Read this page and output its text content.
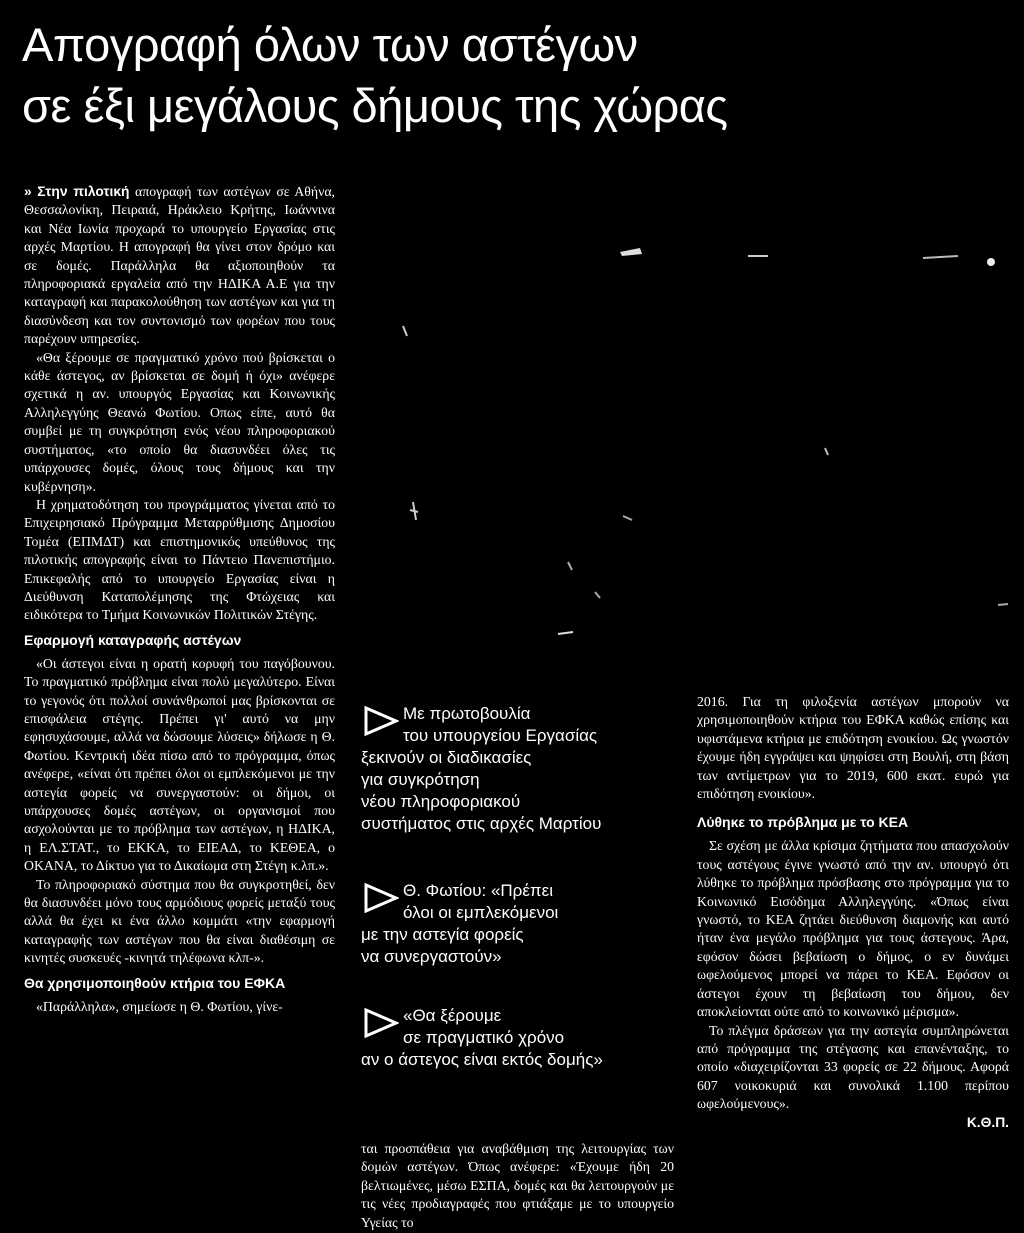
Απογραφή όλων των αστέγων
σε έξι μεγάλους δήμους της χώρας

» Στην πιλοτική απογραφή των αστέγων σε Αθήνα, Θεσσαλονίκη, Πειραιά, Ηράκλειο Κρήτης, Ιωάννινα και Νέα Ιωνία προχωρά το υπουργείο Εργασίας στις αρχές Μαρτίου. Η απογραφή θα γίνει στον δρόμο και σε δομές. Παράλληλα θα αξιοποιηθούν τα πληροφοριακά εργαλεία από την ΗΔΙΚΑ Α.Ε για την καταγραφή και παρακολούθηση των αστέγων και για τη διασύνδεση και τον συντονισμό των φορέων που τους παρέχουν υπηρεσίες.

«Θα ξέρουμε σε πραγματικό χρόνο πού βρίσκεται ο κάθε άστεγος, αν βρίσκεται σε δομή ή όχι» ανέφερε σχετικά η αν. υπουργός Εργασίας και Κοινωνικής Αλληλεγγύης Θεανώ Φωτίου. Οπως είπε, αυτό θα συμβεί με τη συγκρότηση ενός νέου πληροφοριακού συστήματος, «το οποίο θα διασυνδέει όλες τις υπάρχουσες δομές, όλους τους δήμους και την κυβέρνηση».

Η χρηματοδότηση του προγράμματος γίνεται από το Επιχειρησιακό Πρόγραμμα Μεταρρύθμισης Δημοσίου Τομέα (ΕΠΜΔΤ) και επιστημονικός υπεύθυνος της πιλοτικής απογραφής είναι το Πάντειο Πανεπιστήμιο. Επικεφαλής από το υπουργείο Εργασίας είναι η Διεύθυνση Καταπολέμησης της Φτώχειας και ειδικότερα το Τμήμα Κοινωνικών Πολιτικών Στέγης.

Εφαρμογή καταγραφής αστέγων

«Οι άστεγοι είναι η ορατή κορυφή του παγόβουνου. Το πραγματικό πρόβλημα είναι πολύ μεγαλύτερο. Είναι το γεγονός ότι πολλοί συνάνθρωποί μας βρίσκονται σε επισφάλεια στέγης. Πρέπει γι' αυτό να μην εφησυχάσουμε, αλλά να δώσουμε λύσεις» δήλωσε η Θ. Φωτίου. Κεντρική ιδέα πίσω από το πρόγραμμα, όπως ανέφερε, «είναι ότι πρέπει όλοι οι εμπλεκόμενοι με την αστεγία φορείς να συνεργαστούν: οι δήμοι, οι υπάρχουσες δομές αστέγων, οι οργανισμοί που ασχολούνται με το πρόβλημα των αστέγων, η ΗΔΙΚΑ, η ΕΛ.ΣΤΑΤ., το ΕΚΚΑ, το ΕΙΕΑΔ, το ΚΕΘΕΑ, ο ΟΚΑΝΑ, το Δίκτυο για το Δικαίωμα στη Στέγη κ.λπ.».

Το πληροφοριακό σύστημα που θα συγκροτηθεί, δεν θα διασυνδέει μόνο τους αρμόδιους φορείς μεταξύ τους αλλά θα έχει κι ένα άλλο κομμάτι «την εφαρμογή καταγραφής των αστέγων που θα είναι διαθέσιμη σε κινητές συσκευές -κινητά τηλέφωνα κλπ-».

Θα χρησιμοποιηθούν κτήρια του ΕΦΚΑ

«Παράλληλα», σημείωσε η Θ. Φωτίου, γίνε-

Με πρωτοβουλία
του υπουργείου Εργασίας
ξεκινούν οι διαδικασίες
για συγκρότηση
νέου πληροφοριακού
συστήματος στις αρχές Μαρτίου
Θ. Φωτίου: «Πρέπει
όλοι οι εμπλεκόμενοι
με την αστεγία φορείς
να συνεργαστούν»
«Θα ξέρουμε
σε πραγματικό χρόνο
αν ο άστεγος είναι εκτός δομής»

ται προσπάθεια για αναβάθμιση της λειτουργίας των δομών αστέγων. Όπως ανέφερε: «Έχουμε ήδη 20 βελτιωμένες, μέσω ΕΣΠΑ, δομές και θα λειτουργούν με τις νέες προδιαγραφές που φτιάξαμε με το υπουργείο Υγείας το

2016. Για τη φιλοξενία αστέγων μπορούν να χρησιμοποιηθούν κτήρια του ΕΦΚΑ καθώς επίσης και υφιστάμενα κτήρια με επιδότηση ενοικίου. Ως γνωστόν έχουμε ήδη εγγράψει και ψηφίσει στη Βουλή, στη βάση των αντίμετρων για το 2019, 600 εκατ. ευρώ για επιδότηση ενοικίου».

Λύθηκε το πρόβλημα με το ΚΕΑ

Σε σχέση με άλλα κρίσιμα ζητήματα που απασχολούν τους αστέγους έγινε γνωστό από την αν. υπουργό ότι λύθηκε το πρόβλημα πρόσβασης στο πρόγραμμα για το Κοινωνικό Εισόδημα Αλληλεγγύης. «Όπως είναι γνωστό, το ΚΕΑ ζητάει διεύθυνση διαμονής και αυτό ήταν ένα μεγάλο πρόβλημα για τους άστεγους. Άρα, εφόσον δώσει βεβαίωση ο δήμος, ο εν δυνάμει ωφελούμενος μπορεί να πάρει το ΚΕΑ. Εφόσον οι άστεγοι έχουν τη βεβαίωση του δήμου, δεν αποκλείονται ούτε από το κοινωνικό μέρισμα».

Το πλέγμα δράσεων για την αστεγία συμπληρώνεται από πρόγραμμα της στέγασης και επανένταξης, το οποίο «διαχειρίζονται 33 φορείς σε 22 δήμους. Αφορά 607 νοικοκυριά και συνολικά 1.100 περίπου ωφελούμενους».

Κ.Θ.Π.
